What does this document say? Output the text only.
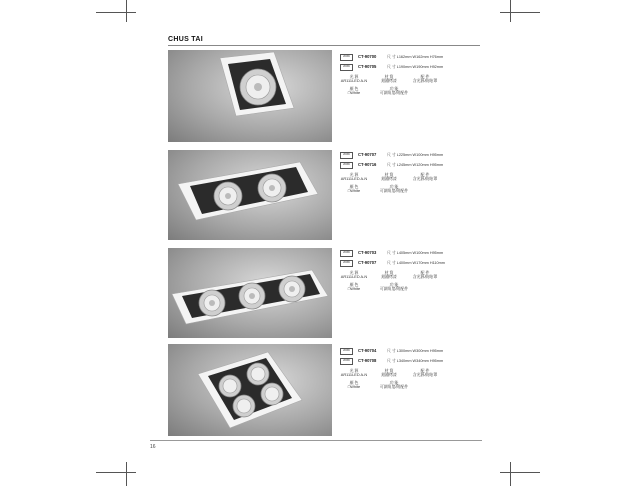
CHUS TAI
200W	CT-90700	尺 寸 L162mm W162mm H76mm
200W	CT-90705	尺 寸 L190mm W190mm H92mm
光 源	材 質	配 件
AR111LED A-N	鋁鐵烤漆	含光源/防眩罩
顏 色	功 能
□White	可調角度/附配件
200W	CT-90707	尺 寸 L225mm W100mm H95mm
200W	CT-90716	尺 寸 L245mm W120mm H95mm
光 源	材 質	配 件
AR111LED A-N	鋁鐵烤漆	含光源/防眩罩
顏 色	功 能
□White	可調角度/附配件
200W	CT-90703	尺 寸 L405mm W100mm H95mm
200W	CT-90707	尺 寸 L400mm W170mm H110mm
光 源	材 質	配 件
AR111LED A-N	鋁鐵烤漆	含光源/防眩罩
顏 色	功 能
□White	可調角度/附配件
200W	CT-90704	尺 寸 L300mm W300mm H95mm
200W	CT-90708	尺 寸 L340mm W340mm H95mm
光 源	材 質	配 件
AR111LED A-N	鋁鐵烤漆	含光源/防眩罩
顏 色	功 能
□White	可調角度/附配件
16
